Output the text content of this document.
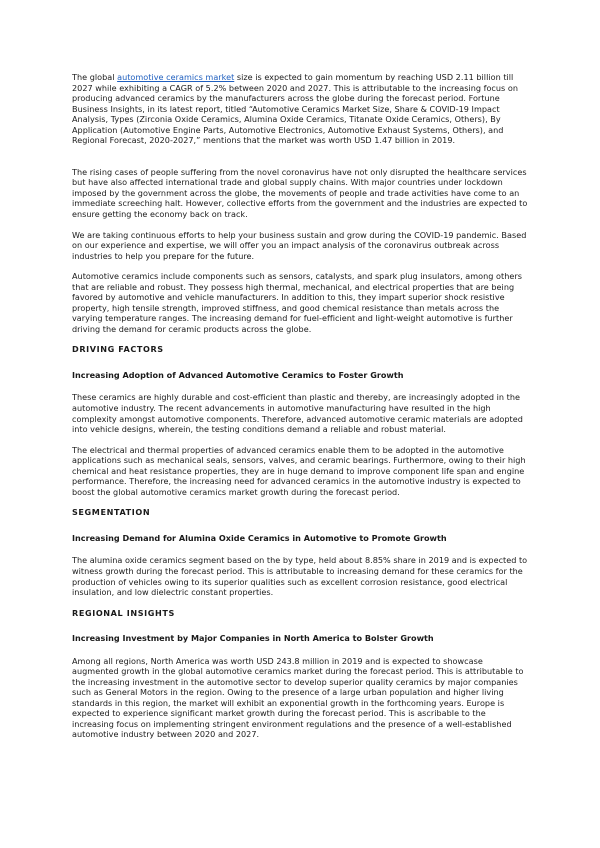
The global automotive ceramics market size is expected to gain momentum by reaching USD 2.11 billion till 2027 while exhibiting a CAGR of 5.2% between 2020 and 2027. This is attributable to the increasing focus on producing advanced ceramics by the manufacturers across the globe during the forecast period. Fortune Business Insights, in its latest report, titled “Automotive Ceramics Market Size, Share & COVID-19 Impact Analysis, Types (Zirconia Oxide Ceramics, Alumina Oxide Ceramics, Titanate Oxide Ceramics, Others), By Application (Automotive Engine Parts, Automotive Electronics, Automotive Exhaust Systems, Others), and Regional Forecast, 2020-2027,” mentions that the market was worth USD 1.47 billion in 2019.

The rising cases of people suffering from the novel coronavirus have not only disrupted the healthcare services but have also affected international trade and global supply chains. With major countries under lockdown imposed by the government across the globe, the movements of people and trade activities have come to an immediate screeching halt. However, collective efforts from the government and the industries are expected to ensure getting the economy back on track.

We are taking continuous efforts to help your business sustain and grow during the COVID-19 pandemic. Based on our experience and expertise, we will offer you an impact analysis of the coronavirus outbreak across industries to help you prepare for the future.

Automotive ceramics include components such as sensors, catalysts, and spark plug insulators, among others that are reliable and robust. They possess high thermal, mechanical, and electrical properties that are being favored by automotive and vehicle manufacturers. In addition to this, they impart superior shock resistive property, high tensile strength, improved stiffness, and good chemical resistance than metals across the varying temperature ranges. The increasing demand for fuel-efficient and light-weight automotive is further driving the demand for ceramic products across the globe.

DRIVING FACTORS
Increasing Adoption of Advanced Automotive Ceramics to Foster Growth

These ceramics are highly durable and cost-efficient than plastic and thereby, are increasingly adopted in the automotive industry. The recent advancements in automotive manufacturing have resulted in the high complexity amongst automotive components. Therefore, advanced automotive ceramic materials are adopted into vehicle designs, wherein, the testing conditions demand a reliable and robust material.

The electrical and thermal properties of advanced ceramics enable them to be adopted in the automotive applications such as mechanical seals, sensors, valves, and ceramic bearings. Furthermore, owing to their high chemical and heat resistance properties, they are in huge demand to improve component life span and engine performance. Therefore, the increasing need for advanced ceramics in the automotive industry is expected to boost the global automotive ceramics market growth during the forecast period.

SEGMENTATION
Increasing Demand for Alumina Oxide Ceramics in Automotive to Promote Growth

The alumina oxide ceramics segment based on the by type, held about 8.85% share in 2019 and is expected to witness growth during the forecast period. This is attributable to increasing demand for these ceramics for the production of vehicles owing to its superior qualities such as excellent corrosion resistance, good electrical insulation, and low dielectric constant properties.

REGIONAL INSIGHTS
Increasing Investment by Major Companies in North America to Bolster Growth

Among all regions, North America was worth USD 243.8 million in 2019 and is expected to showcase augmented growth in the global automotive ceramics market during the forecast period. This is attributable to the increasing investment in the automotive sector to develop superior quality ceramics by major companies such as General Motors in the region. Owing to the presence of a large urban population and higher living standards in this region, the market will exhibit an exponential growth in the forthcoming years. Europe is expected to experience significant market growth during the forecast period. This is ascribable to the increasing focus on implementing stringent environment regulations and the presence of a well-established automotive industry between 2020 and 2027.
